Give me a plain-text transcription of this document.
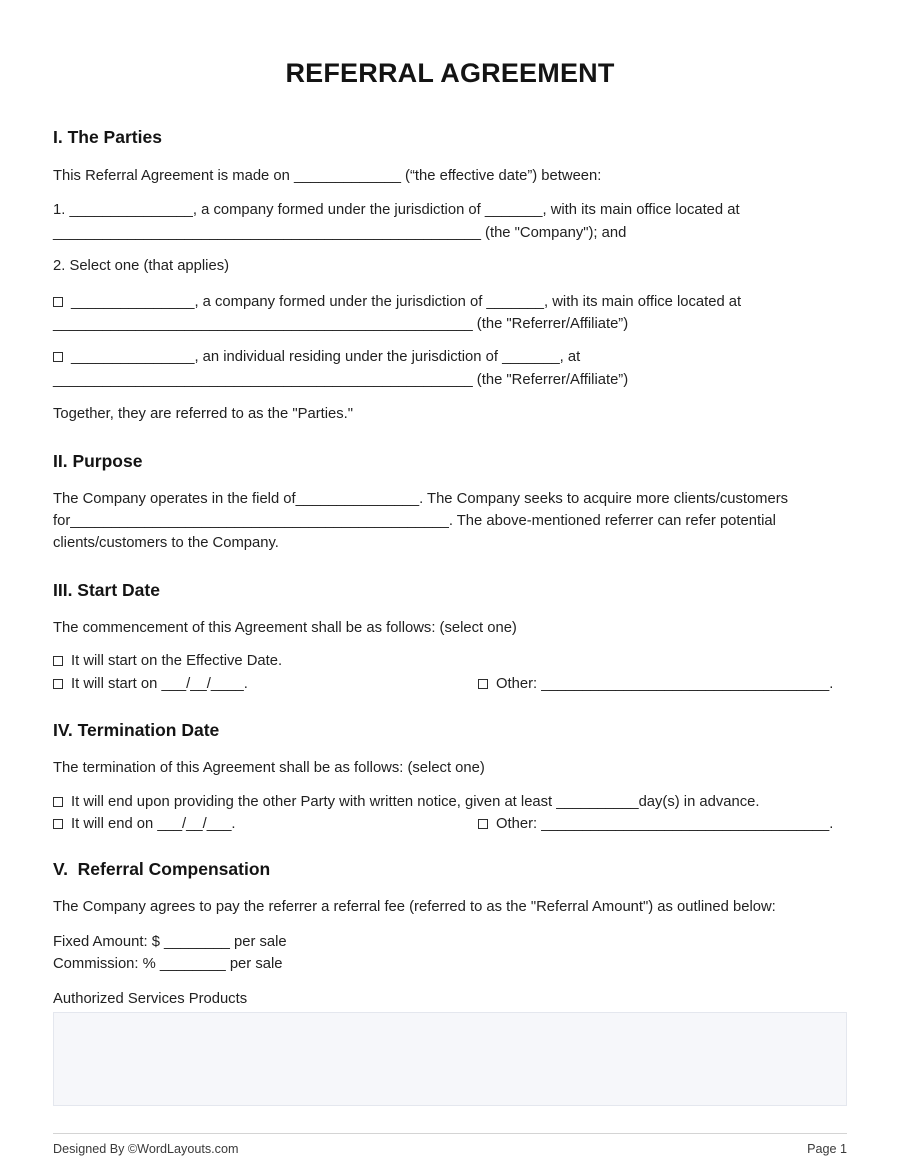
REFERRAL AGREEMENT
I. The Parties
This Referral Agreement is made on _____________ (“the effective date”) between:
1. _______________, a company formed under the jurisdiction of _______, with its main office located at
____________________________________________________ (the "Company"); and
2. Select one (that applies)
_______________, a company formed under the jurisdiction of _______, with its main office located at
___________________________________________________ (the "Referrer/Affiliate”)
_______________, an individual residing under the jurisdiction of _______, at
___________________________________________________ (the "Referrer/Affiliate”)
Together, they are referred to as the "Parties."
II. Purpose
The Company operates in the field of_______________. The Company seeks to acquire more clients/customers
for______________________________________________. The above-mentioned referrer can refer potential
clients/customers to the Company.
III. Start Date
The commencement of this Agreement shall be as follows: (select one)
It will start on the Effective Date.
It will start on ___/__/____.	Other: ___________________________________.
IV. Termination Date
The termination of this Agreement shall be as follows: (select one)
It will end upon providing the other Party with written notice, given at least __________day(s) in advance.
It will end on ___/__/___.	Other: ___________________________________.
V.  Referral Compensation
The Company agrees to pay the referrer a referral fee (referred to as the "Referral Amount") as outlined below:
Fixed Amount: $ ________ per sale
Commission: % ________ per sale
Authorized Services Products
Designed By ©WordLayouts.com	Page 1
